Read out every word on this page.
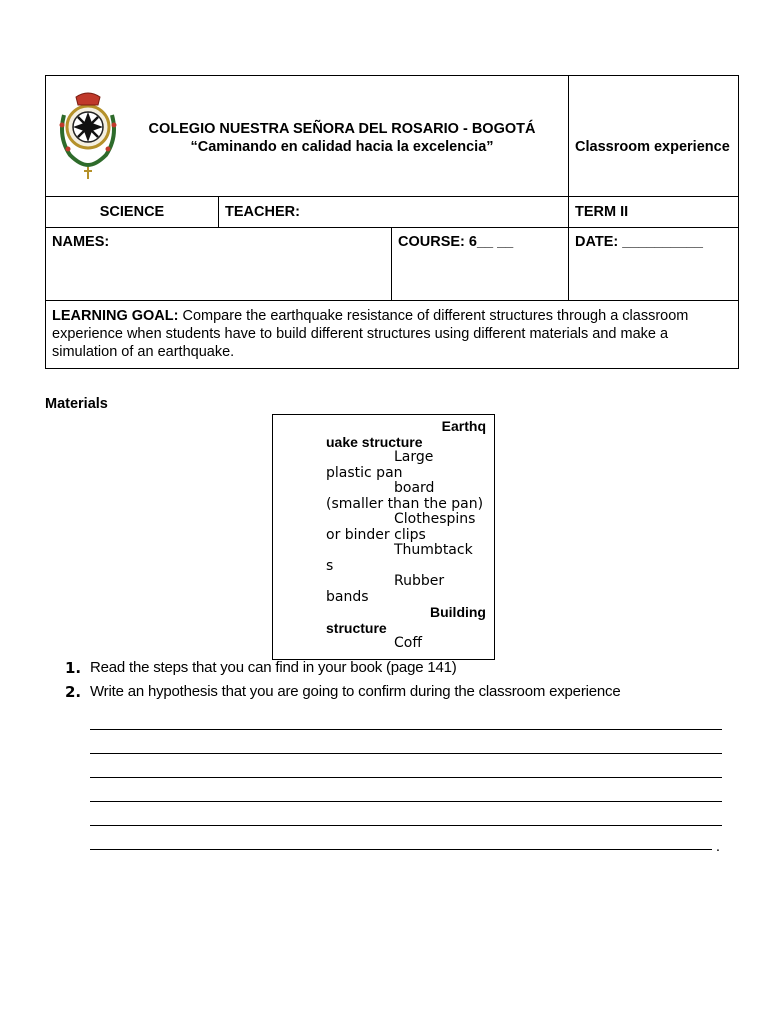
COLEGIO NUESTRA SEÑORA DEL ROSARIO - BOGOTÁ
“Caminando en calidad hacia la excelencia”			Classroom experience
SCIENCE	TEACHER:		TERM II
NAMES:		COURSE: 6__ __	DATE: __________
LEARNING GOAL: Compare the earthquake resistance of different structures through a classroom experience when students have to build different structures using different materials and make a simulation of an earthquake.			
Materials
Earthq
uake structure
Large
plastic pan
board
(smaller than the pan)
Clothespins
or binder clips
Thumbtack
s
Rubber
bands
Building
structure
Coff
1. Read the steps that you can find in your book (page 141)
2. Write an hypothesis that you are going to confirm during the classroom experience
.
